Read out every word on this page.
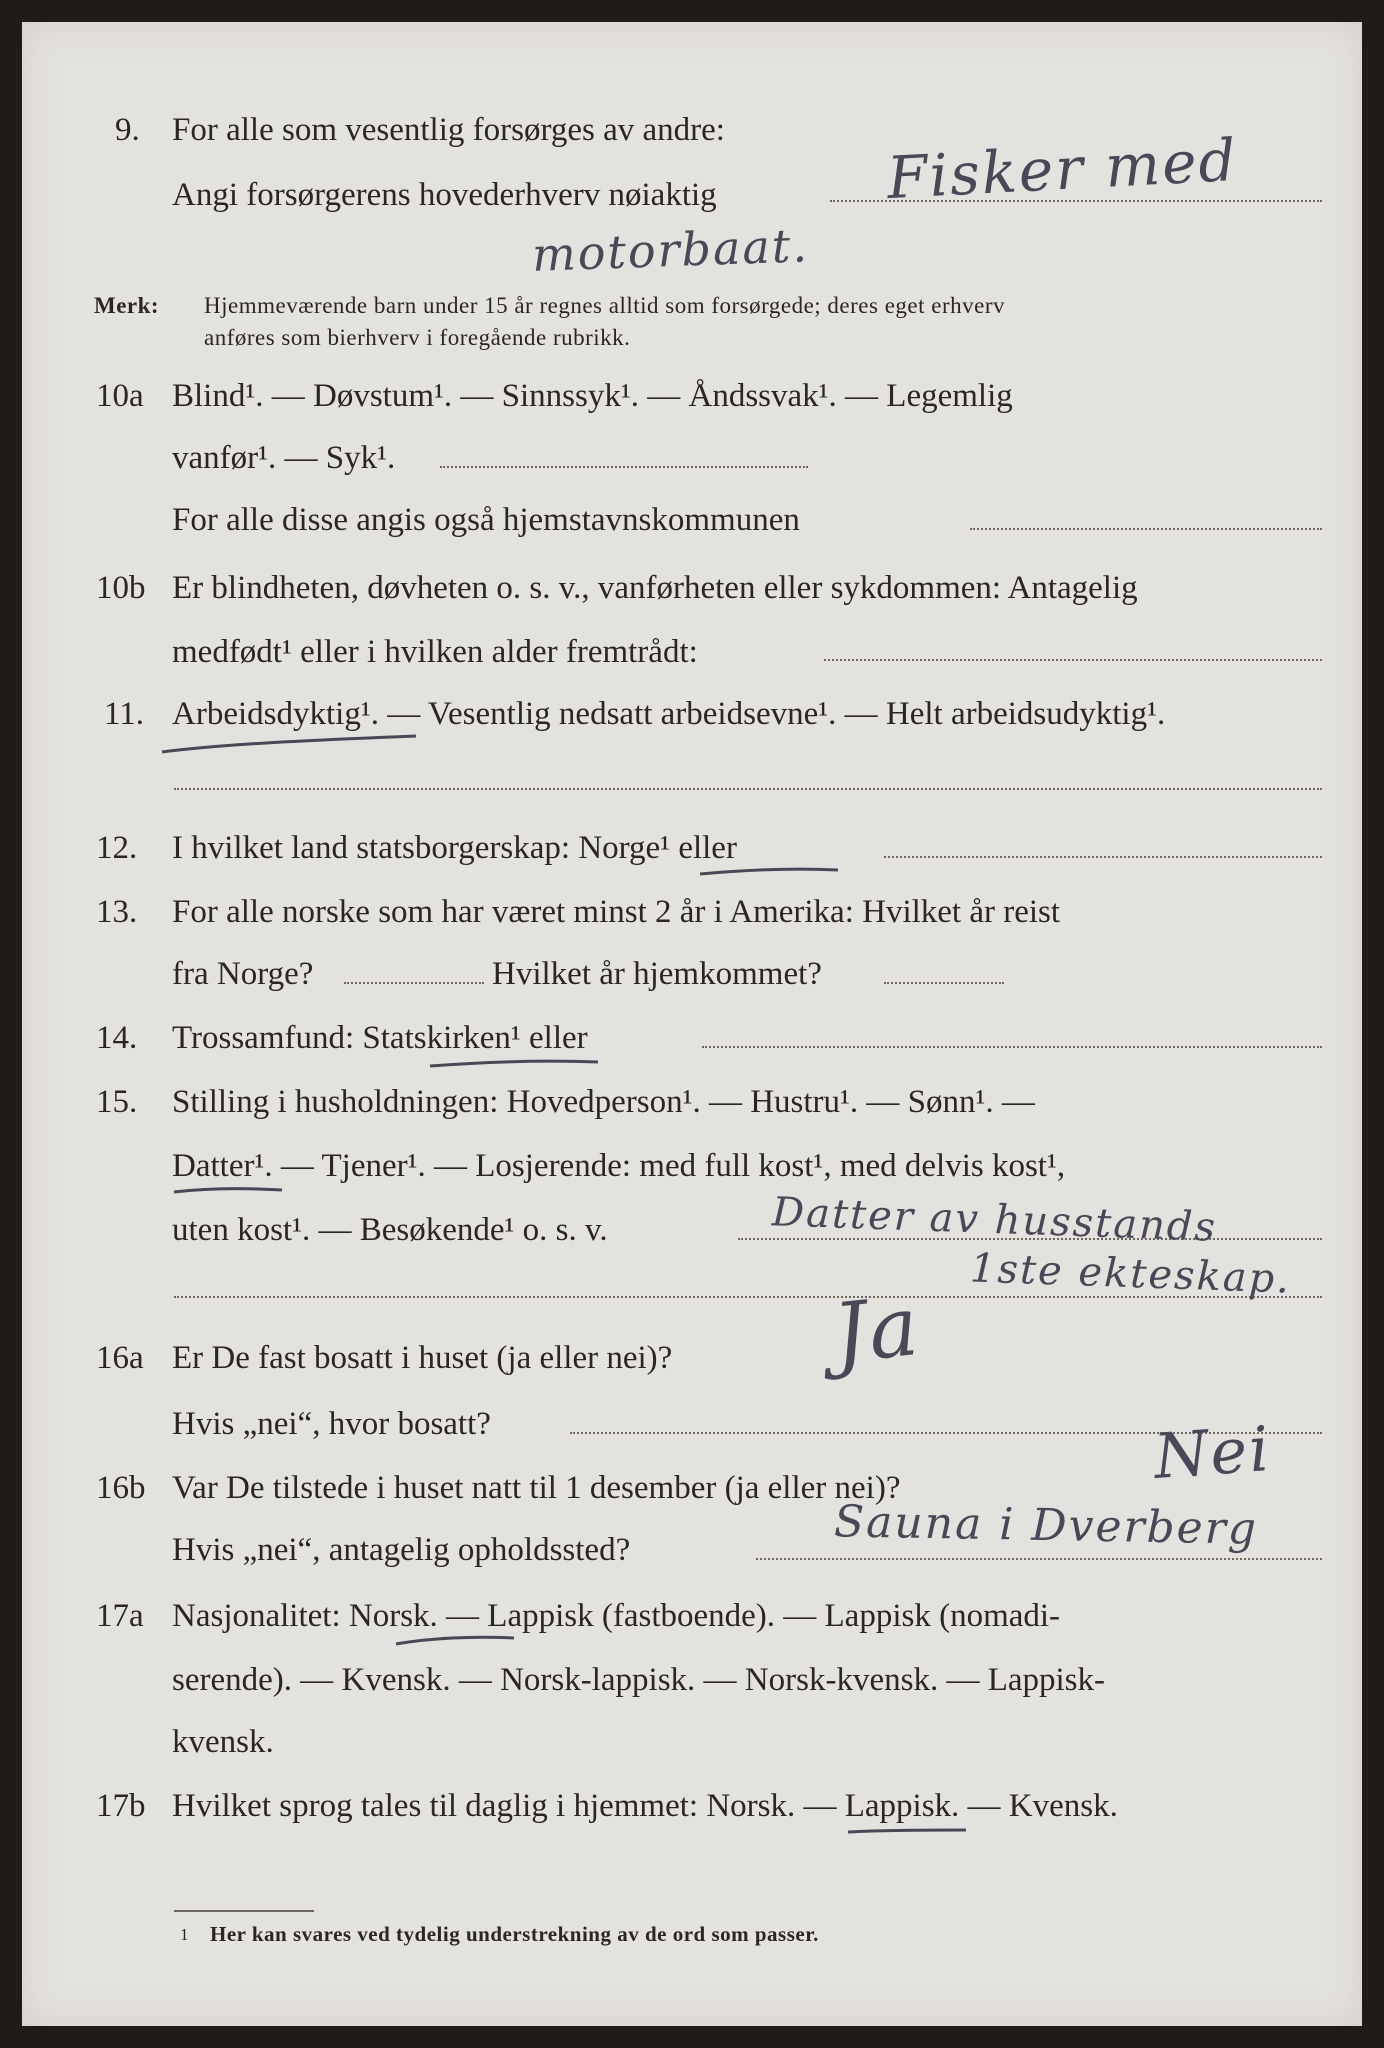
9. For alle som vesentlig forsørges av andre:
Angi forsørgerens hovederhverv nøiaktig	Fisker med
motorbaat.
Merk: Hjemmeværende barn under 15 år regnes alltid som forsørgede; deres eget erhverv
anføres som bierhverv i foregående rubrikk.
10a Blind¹. — Døvstum¹. — Sinnssyk¹. — Åndssvak¹. — Legemlig
vanfør¹. — Syk¹.
For alle disse angis også hjemstavnskommunen
10b Er blindheten, døvheten o. s. v., vanførheten eller sykdommen: Antagelig
medfødt¹ eller i hvilken alder fremtrådt:
11. Arbeidsdyktig¹. — Vesentlig nedsatt arbeidsevne¹. — Helt arbeidsudyktig¹.
12. I hvilket land statsborgerskap: Norge¹ eller
13. For alle norske som har været minst 2 år i Amerika: Hvilket år reist
fra Norge?	Hvilket år hjemkommet?
14. Trossamfund: Statskirken¹ eller
15. Stilling i husholdningen: Hovedperson¹. — Hustru¹. — Sønn¹. —
Datter¹. — Tjener¹. — Losjerende: med full kost¹, med delvis kost¹,
uten kost¹. — Besøkende¹ o. s. v.	Datter av husstands
1ste ekteskap.
16a Er De fast bosatt i huset (ja eller nei)? Ja
Hvis „nei“, hvor bosatt?
16b Var De tilstede i huset natt til 1 desember (ja eller nei)?	Nei
Hvis „nei“, antagelig opholdssted?	Sauna i Dverberg
17a Nasjonalitet: Norsk. — Lappisk (fastboende). — Lappisk (nomadi-
serende). — Kvensk. — Norsk-lappisk. — Norsk-kvensk. — Lappisk-
kvensk.
17b Hvilket sprog tales til daglig i hjemmet: Norsk. — Lappisk. — Kvensk.
1 Her kan svares ved tydelig understrekning av de ord som passer.
